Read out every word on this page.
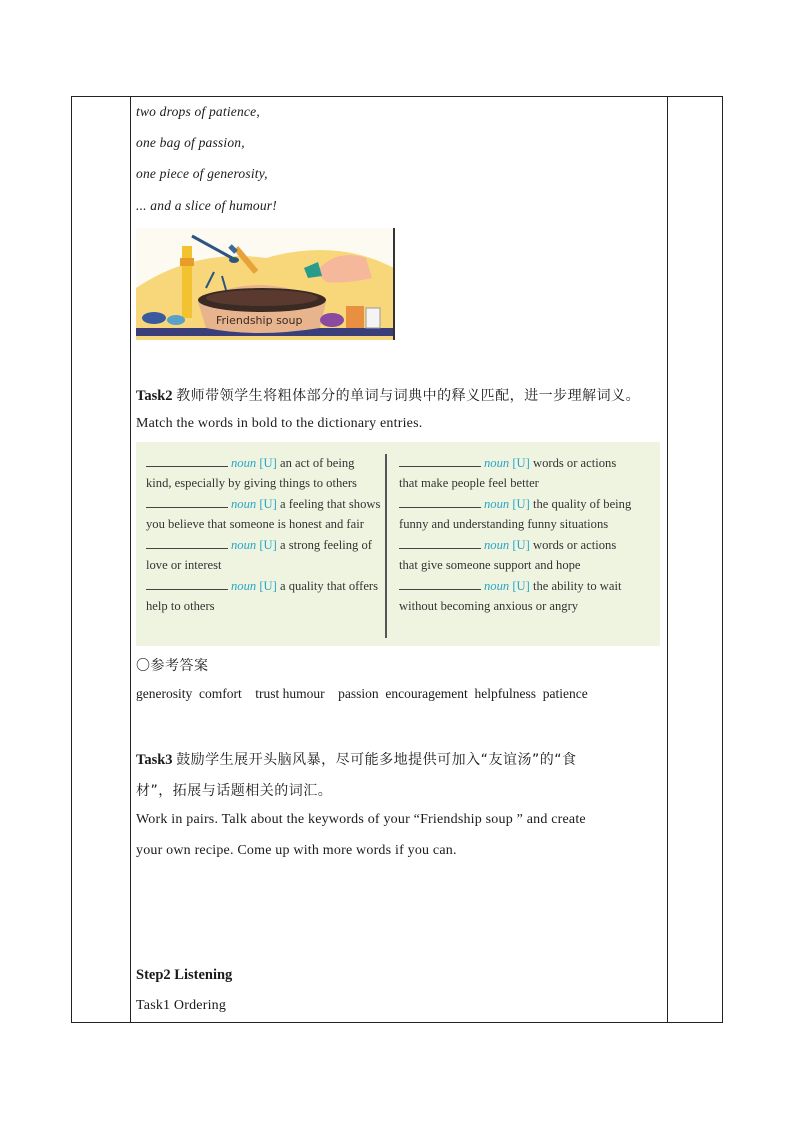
two drops of patience,
one bag of passion,
one piece of generosity,
... and a slice of humour!
Friendship soup
Task2 教师带领学生将粗体部分的单词与词典中的释义匹配，进一步理解词义。
Match the words in bold to the dictionary entries.
noun [U] an act of being kind, especially by giving things to others
noun [U] a feeling that shows you believe that someone is honest and fair
noun [U] a strong feeling of love or interest
noun [U] a quality that offers help to others
noun [U] words or actions that make people feel better
noun [U] the quality of being funny and understanding funny situations
noun [U] words or actions that give someone support and hope
noun [U] the ability to wait without becoming anxious or angry
〇参考答案
generosity  comfort    trust humour    passion  encouragement  helpfulness  patience
Task3 鼓励学生展开头脑风暴，尽可能多地提供可加入“友谊汤”的“食
材”，拓展与话题相关的词汇。
Work in pairs. Talk about the keywords of your “Friendship soup ” and create
your own recipe. Come up with more words if you can.
Step2 Listening
Task1 Ordering
